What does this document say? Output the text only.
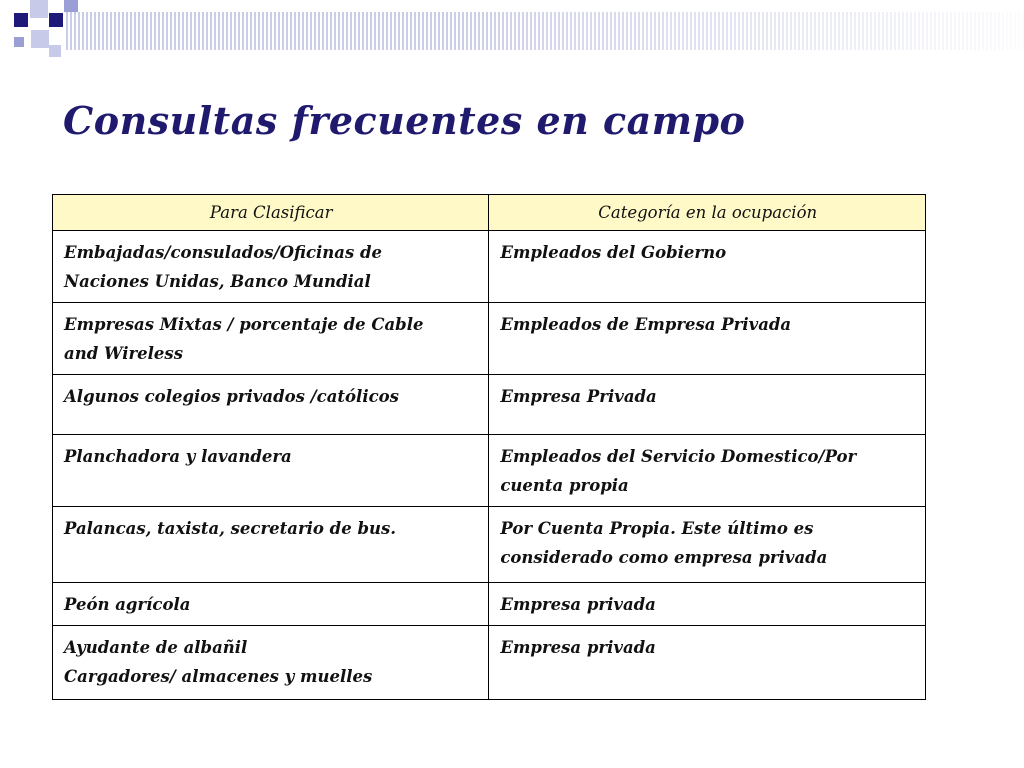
Consultas frecuentes en campo
Para Clasificar	Categoría en la ocupación

Embajadas/consulados/Oficinas de
Naciones Unidas, Banco Mundial	Empleados del Gobierno

Empresas Mixtas / porcentaje de Cable
and Wireless	Empleados de Empresa Privada

Algunos colegios privados /católicos	Empresa Privada

Planchadora y lavandera	Empleados del Servicio Domestico/Por
cuenta propia

Palancas, taxista, secretario de bus.	Por Cuenta Propia. Este último es
considerado como empresa privada

Peón agrícola	Empresa privada

Ayudante de albañil
Cargadores/ almacenes y muelles	Empresa privada
